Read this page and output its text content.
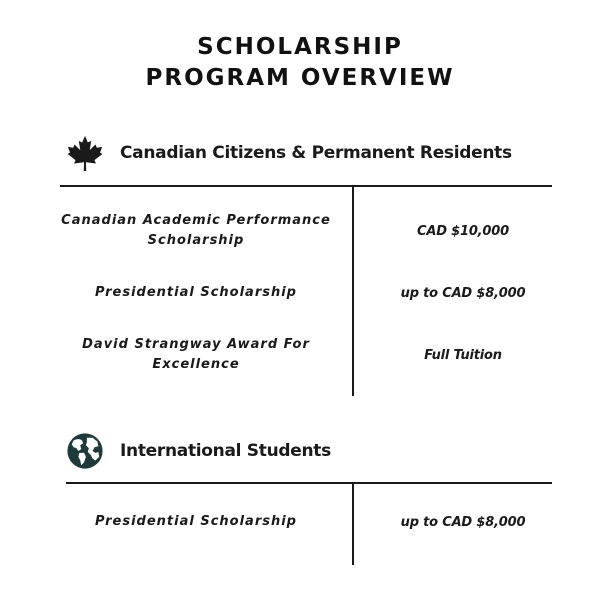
SCHOLARSHIP
PROGRAM OVERVIEW
Canadian Citizens & Permanent Residents
Canadian Academic Performance Scholarship
CAD $10,000
Presidential Scholarship	up to CAD $8,000
David Strangway Award For Excellence
Full Tuition
International Students
Presidential Scholarship	up to CAD $8,000
